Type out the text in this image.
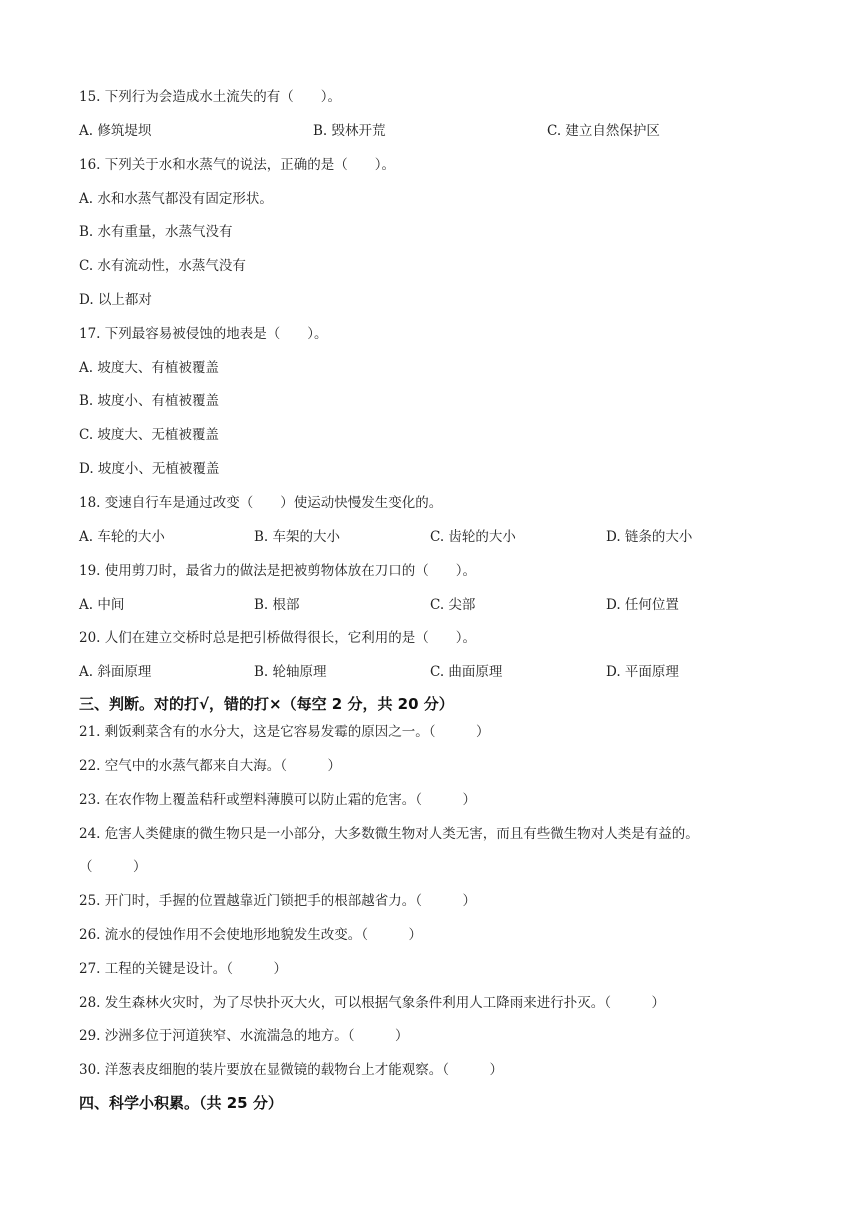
15. 下列行为会造成水土流失的有（　　）。
A. 修筑堤坝	B. 毁林开荒	C. 建立自然保护区
16. 下列关于水和水蒸气的说法，正确的是（　　）。
A. 水和水蒸气都没有固定形状。
B. 水有重量，水蒸气没有
C. 水有流动性，水蒸气没有
D. 以上都对
17. 下列最容易被侵蚀的地表是（　　）。
A. 坡度大、有植被覆盖
B. 坡度小、有植被覆盖
C. 坡度大、无植被覆盖
D. 坡度小、无植被覆盖
18. 变速自行车是通过改变（　　）使运动快慢发生变化的。
A. 车轮的大小	B. 车架的大小	C. 齿轮的大小	D. 链条的大小
19. 使用剪刀时，最省力的做法是把被剪物体放在刀口的（　　）。
A. 中间	B. 根部	C. 尖部	D. 任何位置
20. 人们在建立交桥时总是把引桥做得很长，它利用的是（　　）。
A. 斜面原理	B. 轮轴原理	C. 曲面原理	D. 平面原理
三、判断。对的打√，错的打×（每空 2 分，共 20 分）
21. 剩饭剩菜含有的水分大，这是它容易发霉的原因之一。（　　　）
22. 空气中的水蒸气都来自大海。（　　　）
23. 在农作物上覆盖秸秆或塑料薄膜可以防止霜的危害。（　　　）
24. 危害人类健康的微生物只是一小部分，大多数微生物对人类无害，而且有些微生物对人类是有益的。
（　　　）
25. 开门时，手握的位置越靠近门锁把手的根部越省力。（　　　）
26. 流水的侵蚀作用不会使地形地貌发生改变。（　　　）
27. 工程的关键是设计。（　　　）
28. 发生森林火灾时，为了尽快扑灭大火，可以根据气象条件利用人工降雨来进行扑灭。（　　　）
29. 沙洲多位于河道狭窄、水流湍急的地方。（　　　）
30. 洋葱表皮细胞的装片要放在显微镜的载物台上才能观察。（　　　）
四、科学小积累。（共 25 分）
